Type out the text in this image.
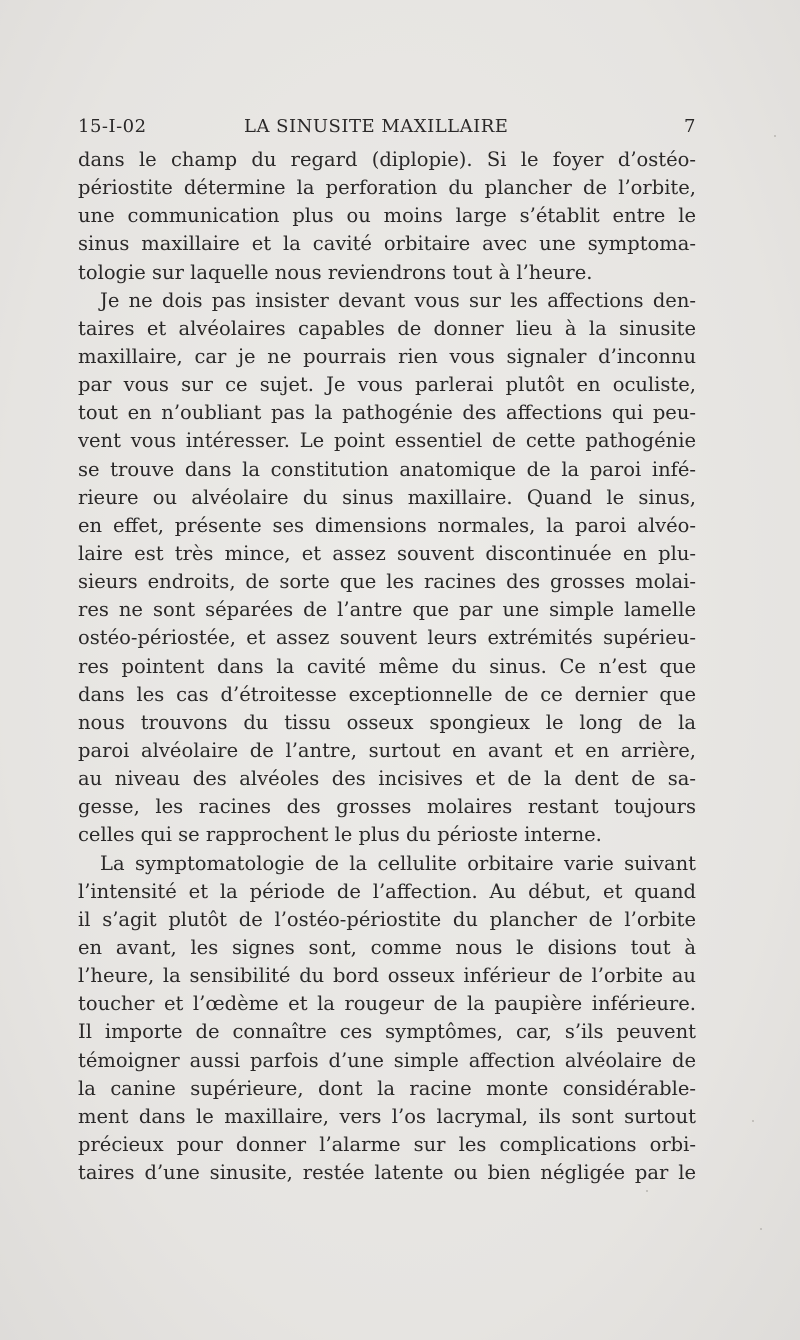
15-I-02	LA SINUSITE MAXILLAIRE	7
dans le champ du regard (diplopie). Si le foyer d’ostéo-
périostite détermine la perforation du plancher de l’orbite,
une communication plus ou moins large s’établit entre le
sinus maxillaire et la cavité orbitaire avec une symptoma-
tologie sur laquelle nous reviendrons tout à l’heure.
Je ne dois pas insister devant vous sur les affections den-
taires et alvéolaires capables de donner lieu à la sinusite
maxillaire, car je ne pourrais rien vous signaler d’inconnu
par vous sur ce sujet. Je vous parlerai plutôt en oculiste,
tout en n’oubliant pas la pathogénie des affections qui peu-
vent vous intéresser. Le point essentiel de cette pathogénie
se trouve dans la constitution anatomique de la paroi infé-
rieure ou alvéolaire du sinus maxillaire. Quand le sinus,
en effet, présente ses dimensions normales, la paroi alvéo-
laire est très mince, et assez souvent discontinuée en plu-
sieurs endroits, de sorte que les racines des grosses molai-
res ne sont séparées de l’antre que par une simple lamelle
ostéo-périostée, et assez souvent leurs extrémités supérieu-
res pointent dans la cavité même du sinus. Ce n’est que
dans les cas d’étroitesse exceptionnelle de ce dernier que
nous trouvons du tissu osseux spongieux le long de la
paroi alvéolaire de l’antre, surtout en avant et en arrière,
au niveau des alvéoles des incisives et de la dent de sa-
gesse, les racines des grosses molaires restant toujours
celles qui se rapprochent le plus du périoste interne.
La symptomatologie de la cellulite orbitaire varie suivant
l’intensité et la période de l’affection. Au début, et quand
il s’agit plutôt de l’ostéo-périostite du plancher de l’orbite
en avant, les signes sont, comme nous le disions tout à
l’heure, la sensibilité du bord osseux inférieur de l’orbite au
toucher et l’œdème et la rougeur de la paupière inférieure.
Il importe de connaître ces symptômes, car, s’ils peuvent
témoigner aussi parfois d’une simple affection alvéolaire de
la canine supérieure, dont la racine monte considérable-
ment dans le maxillaire, vers l’os lacrymal, ils sont surtout
précieux pour donner l’alarme sur les complications orbi-
taires d’une sinusite, restée latente ou bien négligée par le
